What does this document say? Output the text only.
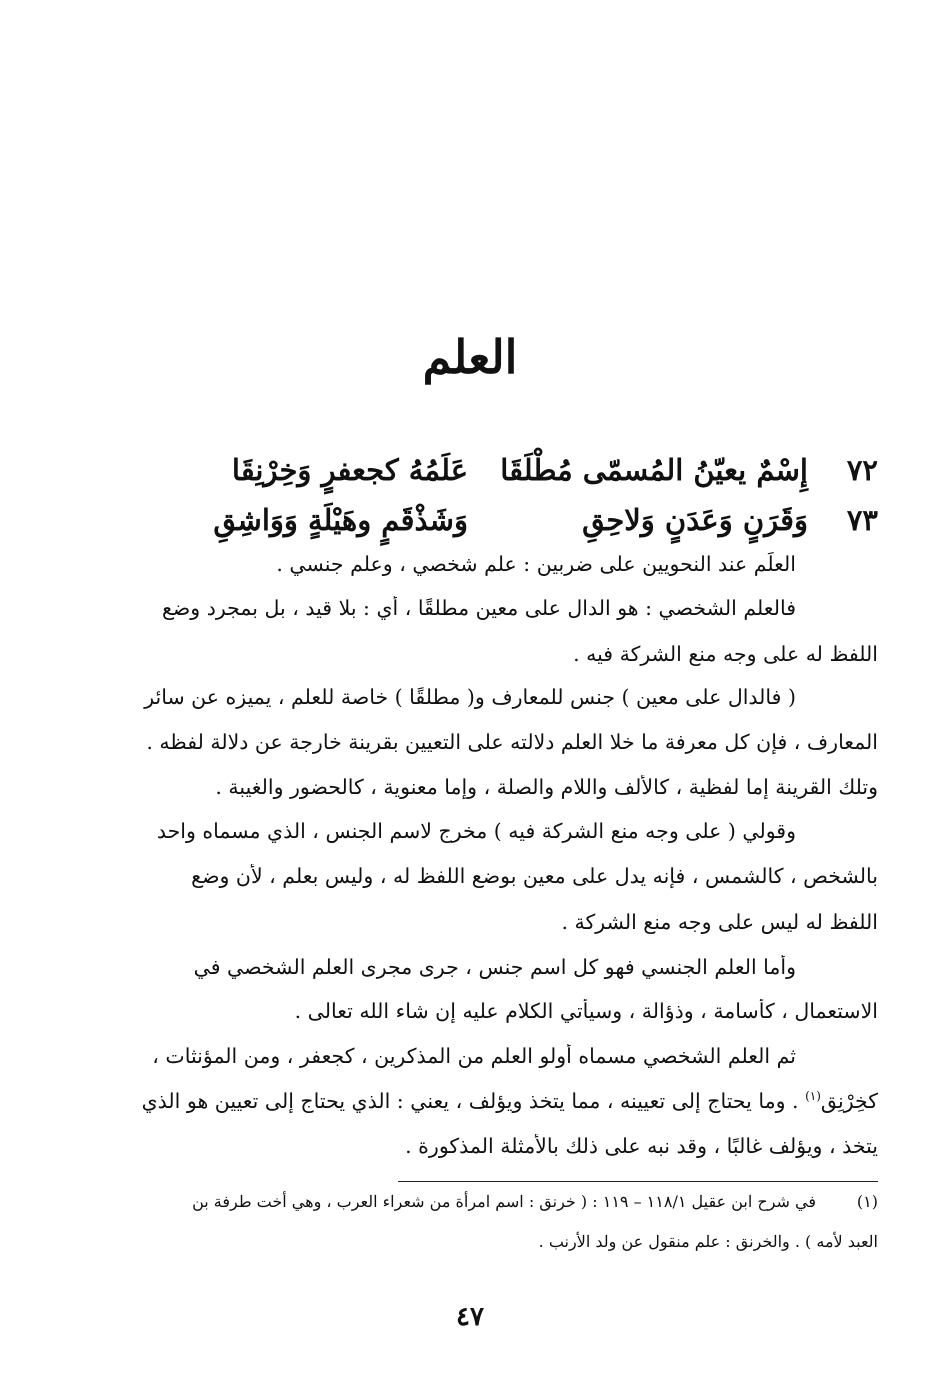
العلم
٧٢
إِسْمٌ يعيّنُ المُسمّى مُطْلَقَا
عَلَمُهُ كجعفرٍ وَخِرْنِقَا
٧٣
وَقَرَنٍ وَعَدَنٍ وَلاحِقِ
وَشَذْقَمٍ وهَيْلَةٍ وَوَاشِقِ
العلَم عند النحويين على ضربين : علم شخصي ، وعلم جنسي .
فالعلم الشخصي : هو الدال على معين مطلقًا ، أي : بلا قيد ، بل بمجرد وضع
اللفظ له على وجه منع الشركة فيه .
( فالدال على معين ) جنس للمعارف و( مطلقًا ) خاصة للعلم ، يميزه عن سائر
المعارف ، فإن كل معرفة ما خلا العلم دلالته على التعيين بقرينة خارجة عن دلالة لفظه .
وتلك القرينة إما لفظية ، كالألف واللام والصلة ، وإما معنوية ، كالحضور والغيبة .
وقولي ( على وجه منع الشركة فيه ) مخرج لاسم الجنس ، الذي مسماه واحد
بالشخص ، كالشمس ، فإنه يدل على معين بوضع اللفظ له ، وليس بعلم ، لأن وضع
اللفظ له ليس على وجه منع الشركة .
وأما العلم الجنسي فهو كل اسم جنس ، جرى مجرى العلم الشخصي في
الاستعمال ، كأسامة ، وذؤالة ، وسيأتي الكلام عليه إن شاء الله تعالى .
ثم العلم الشخصي مسماه أولو العلم من المذكرين ، كجعفر ، ومن المؤنثات ،
كخِرْنِق$^{(١)}$ . وما يحتاج إلى تعيينه ، مما يتخذ ويؤلف ، يعني : الذي يحتاج إلى تعيين هو الذي
يتخذ ، ويؤلف غالبًا ، وقد نبه على ذلك بالأمثلة المذكورة .
(١)
في شرح ابن عقيل ١١٨/١ – ١١٩ : ( خرنق : اسم امرأة من شعراء العرب ، وهي أخت طرفة بن
العبد لأمه ) . والخرنق : علم منقول عن ولد الأرنب .
٤٧
